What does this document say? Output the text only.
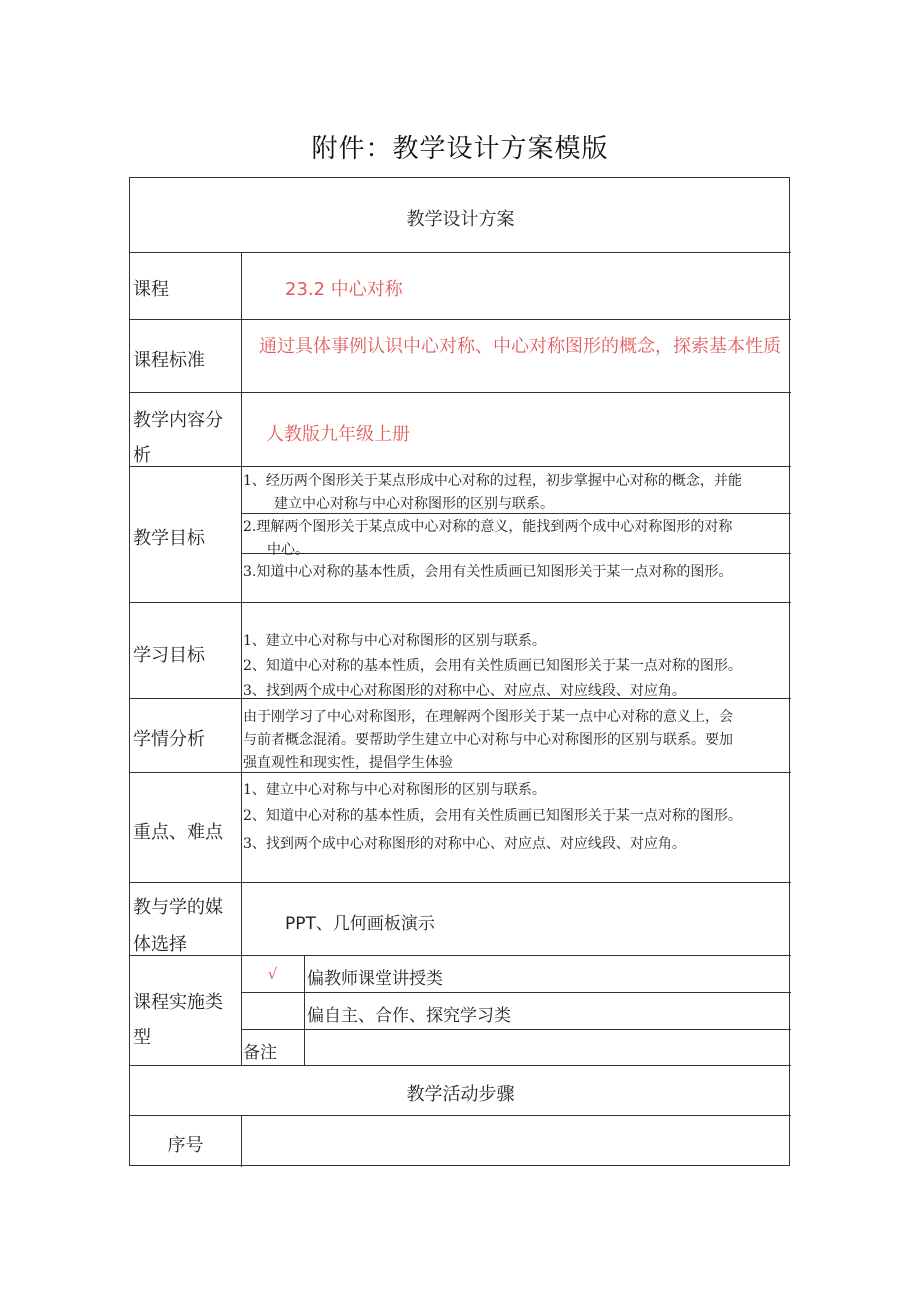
附件：教学设计方案模版
教学设计方案
课程	23.2 中心对称
课程标准
通过具体事例认识中心对称、中心对称图形的概念，探索基本性质
教学内容分
析
人教版九年级上册
教学目标
1、经历两个图形关于某点形成中心对称的过程，初步掌握中心对称的概念，并能
建立中心对称与中心对称图形的区别与联系。
2.理解两个图形关于某点成中心对称的意义，能找到两个成中心对称图形的对称
中心。
3.知道中心对称的基本性质，会用有关性质画已知图形关于某一点对称的图形。
学习目标
1、建立中心对称与中心对称图形的区别与联系。
2、知道中心对称的基本性质，会用有关性质画已知图形关于某一点对称的图形。
3、找到两个成中心对称图形的对称中心、对应点、对应线段、对应角。
学情分析
由于刚学习了中心对称图形，在理解两个图形关于某一点中心对称的意义上，会
与前者概念混淆。要帮助学生建立中心对称与中心对称图形的区别与联系。要加
强直观性和现实性，提倡学生体验
重点、难点
1、建立中心对称与中心对称图形的区别与联系。
2、知道中心对称的基本性质，会用有关性质画已知图形关于某一点对称的图形。
3、找到两个成中心对称图形的对称中心、对应点、对应线段、对应角。
教与学的媒
体选择
PPT、几何画板演示
课程实施类
型
√	偏教师课堂讲授类
偏自主、合作、探究学习类
备注
教学活动步骤
序号
